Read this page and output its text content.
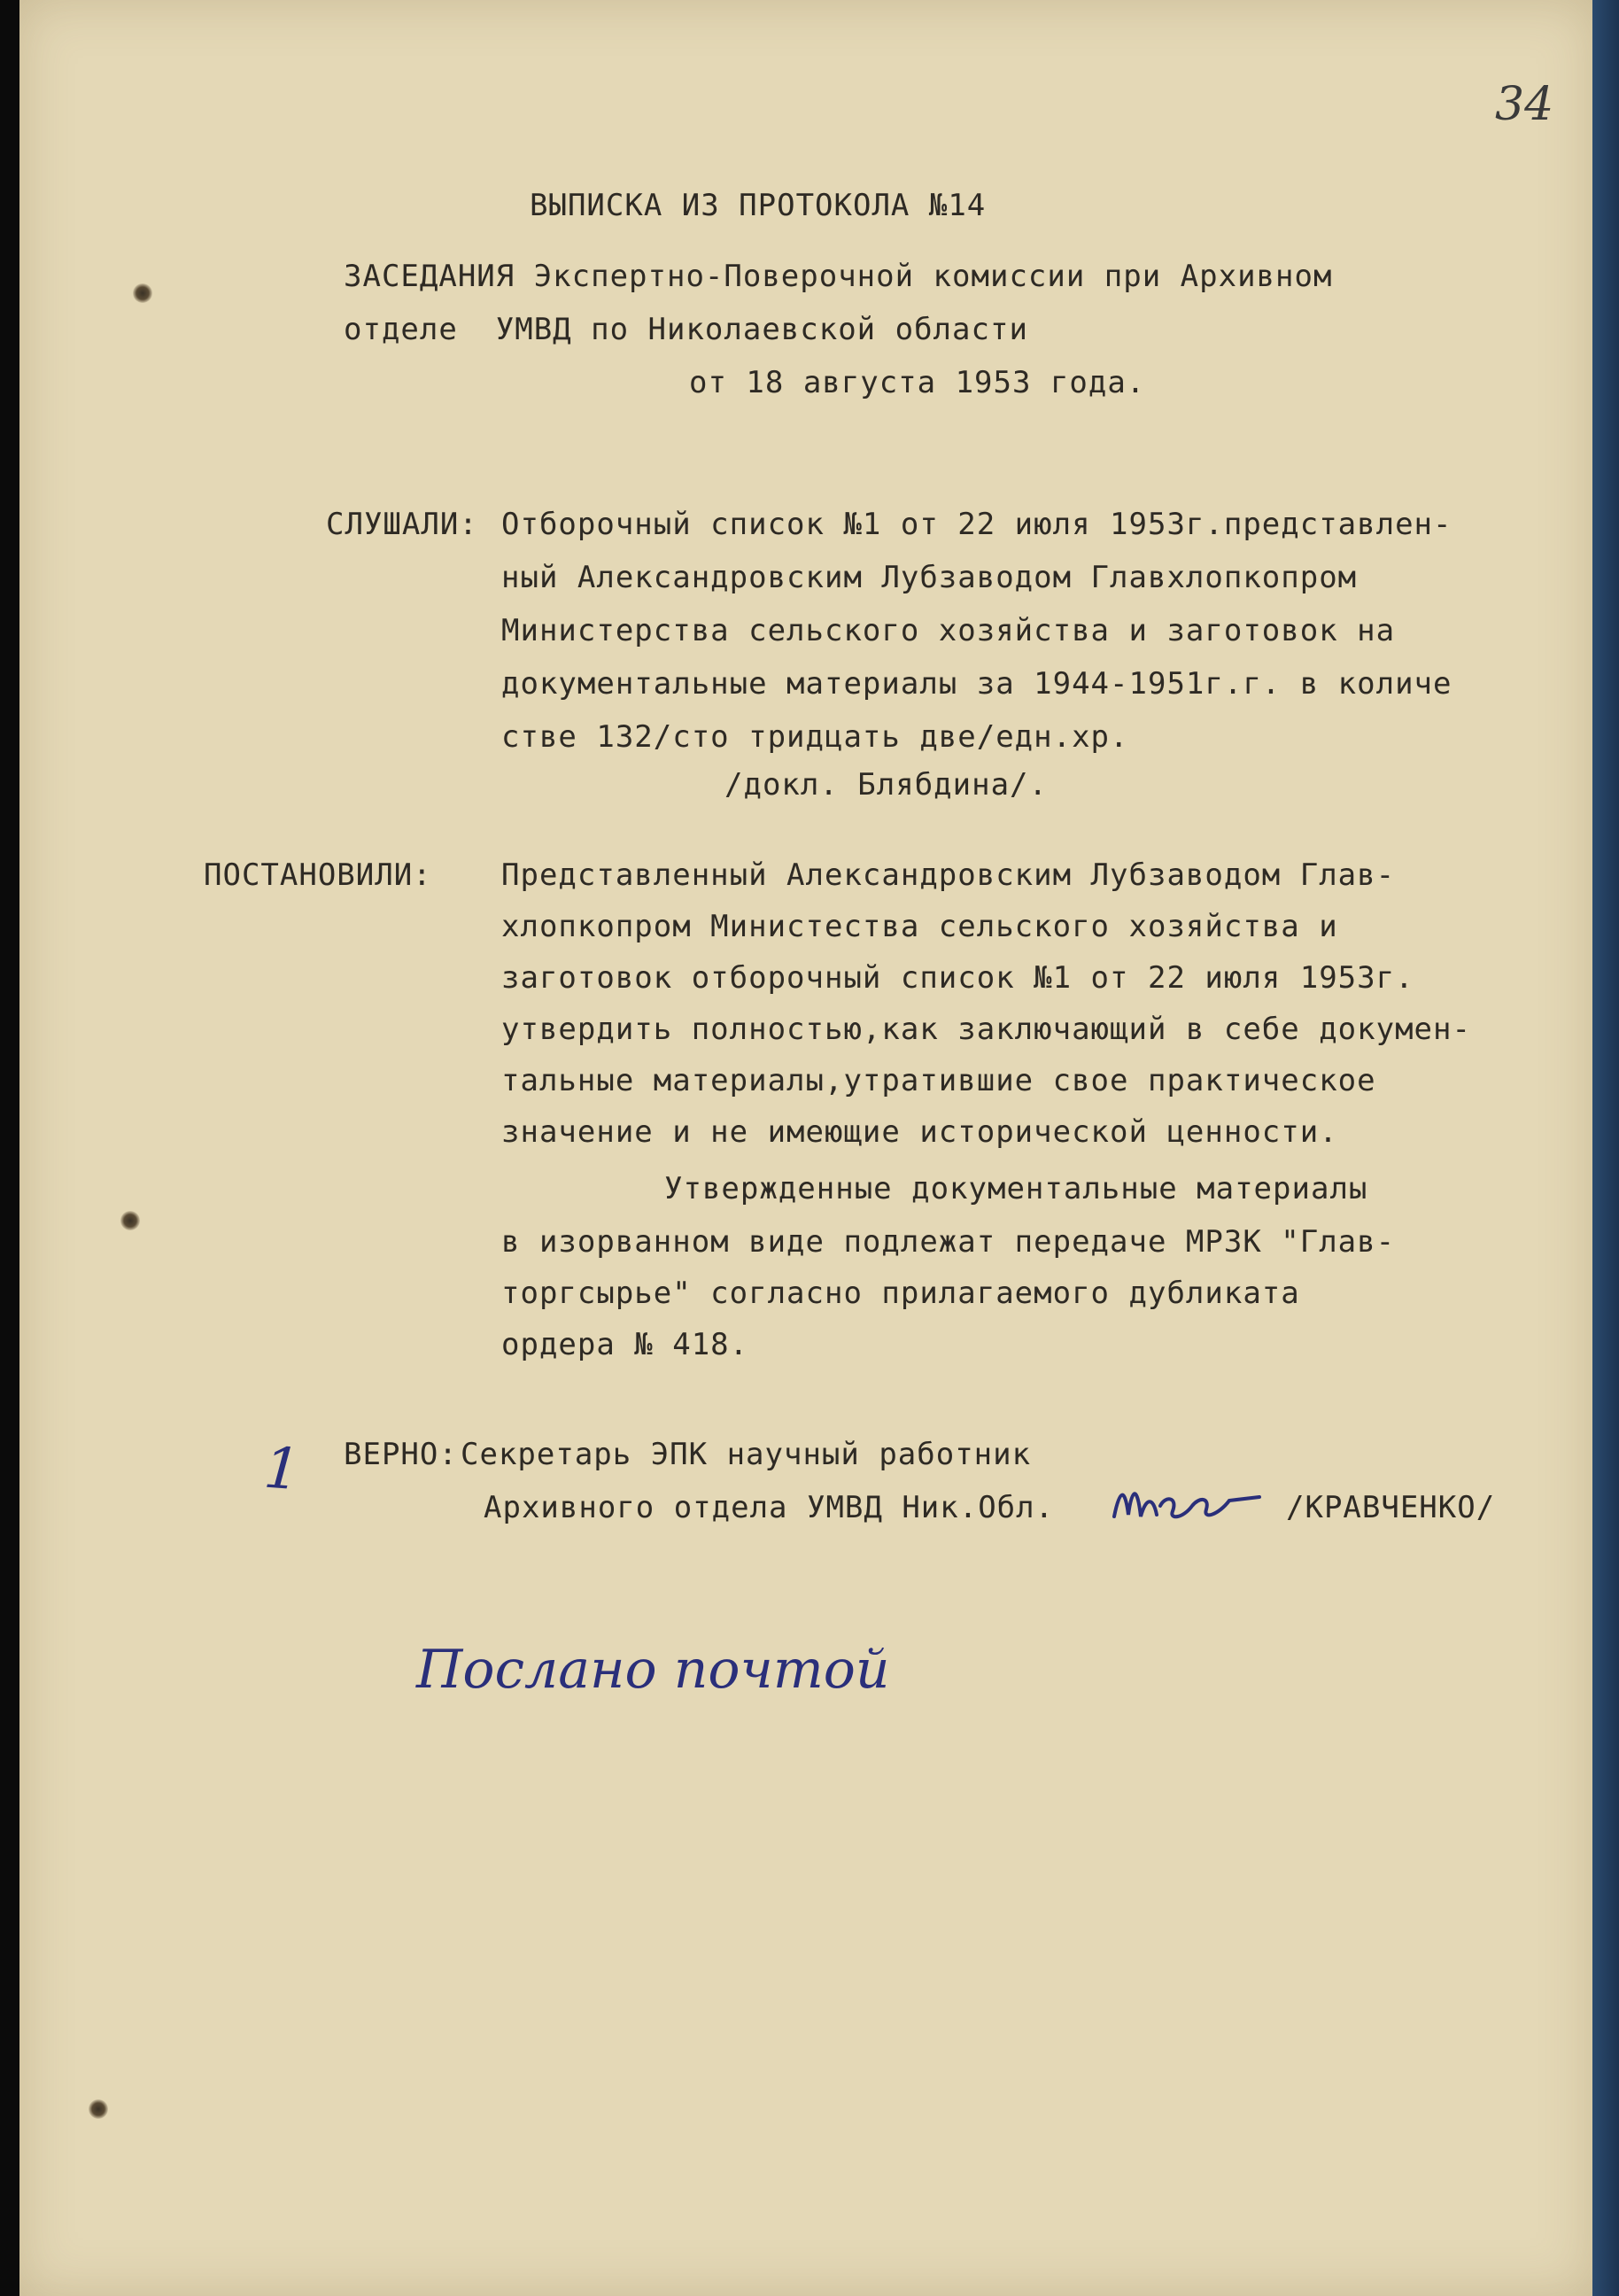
34
ВЫПИСКА ИЗ ПРОТОКОЛА №14
ЗАСЕДАНИЯ Экспертно-Поверочной комиссии при Архивном
отделе  УМВД по Николаевской области
от 18 августа 1953 года.
СЛУШАЛИ: Отборочный список №1 от 22 июля 1953г.представлен-
ный Александровским Лубзаводом Главхлопкопром
Министерства сельского хозяйства и заготовок на
документальные материалы за 1944-1951г.г. в количе
стве 132/сто тридцать две/едн.хр.
/докл. Блябдина/.
ПОСТАНОВИЛИ: Представленный Александровским Лубзаводом Глав-
хлопкопром Министества сельского хозяйства и
заготовок отборочный список №1 от 22 июля 1953г.
утвердить полностью,как заключающий в себе докумен-
тальные материалы,утратившие свое практическое
значение и не имеющие исторической ценности.
Утвержденные документальные материалы
в изорванном виде подлежат передаче МРЗК "Глав-
торгсырье" согласно прилагаемого дубликата
ордера № 418.
1 ВЕРНО: Секретарь ЭПК научный работник
Архивного отдела УМВД Ник.Обл.	/КРАВЧЕНКО/
Послано почтой
